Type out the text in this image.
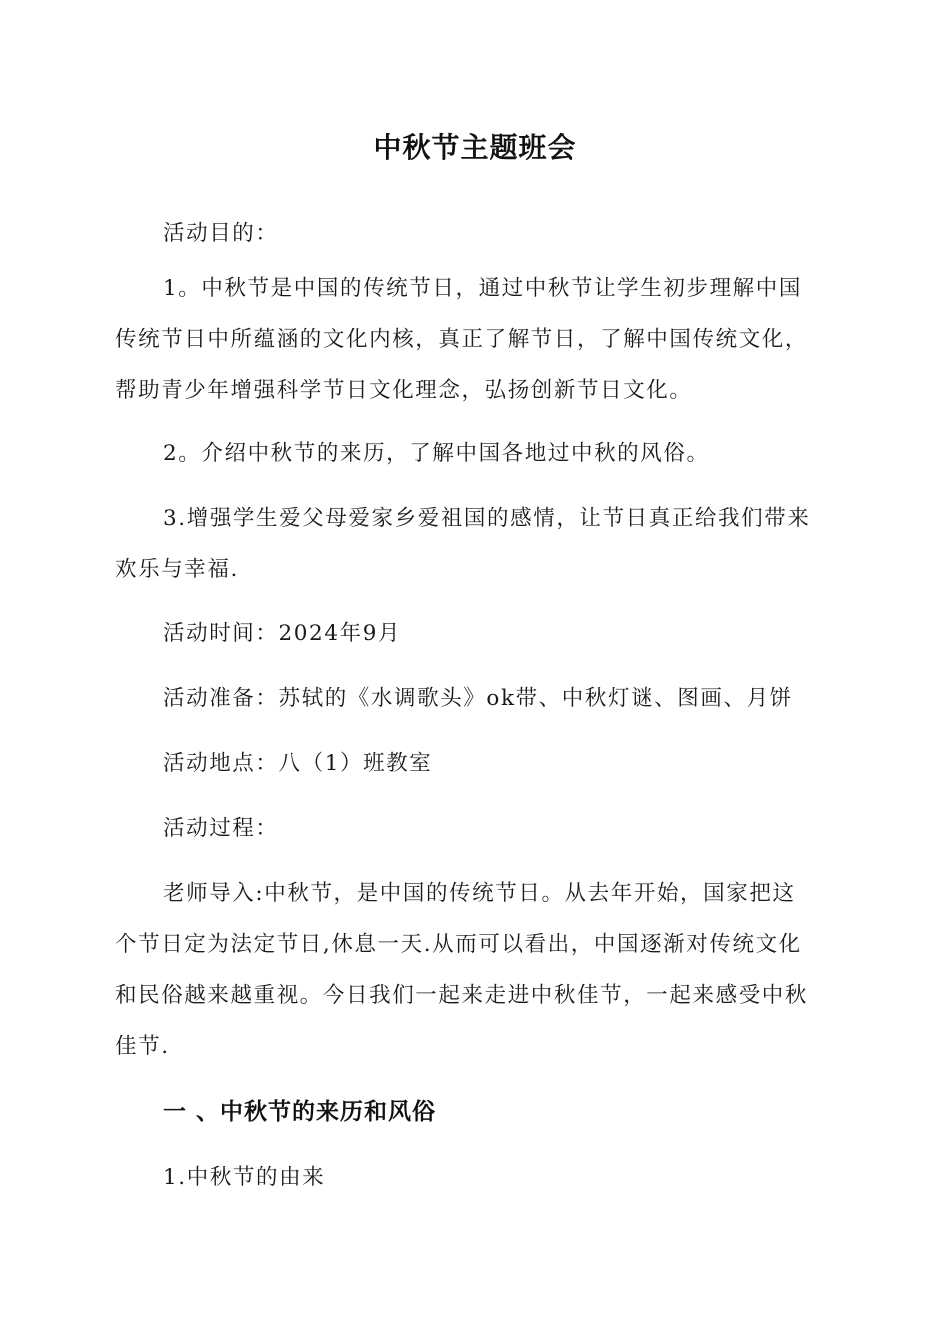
中秋节主题班会
活动目的：
1。中秋节是中国的传统节日，通过中秋节让学生初步理解中国
传统节日中所蕴涵的文化内核，真正了解节日，了解中国传统文化，
帮助青少年增强科学节日文化理念，弘扬创新节日文化。
2。介绍中秋节的来历，了解中国各地过中秋的风俗。
3.增强学生爱父母爱家乡爱祖国的感情，让节日真正给我们带来
欢乐与幸福.
活动时间：2024年9月
活动准备：苏轼的《水调歌头》ok带、中秋灯谜、图画、月饼
活动地点：八（1）班教室
活动过程：
老师导入:中秋节，是中国的传统节日。从去年开始，国家把这
个节日定为法定节日,休息一天.从而可以看出，中国逐渐对传统文化
和民俗越来越重视。今日我们一起来走进中秋佳节，一起来感受中秋
佳节.
一 、中秋节的来历和风俗
1.中秋节的由来
